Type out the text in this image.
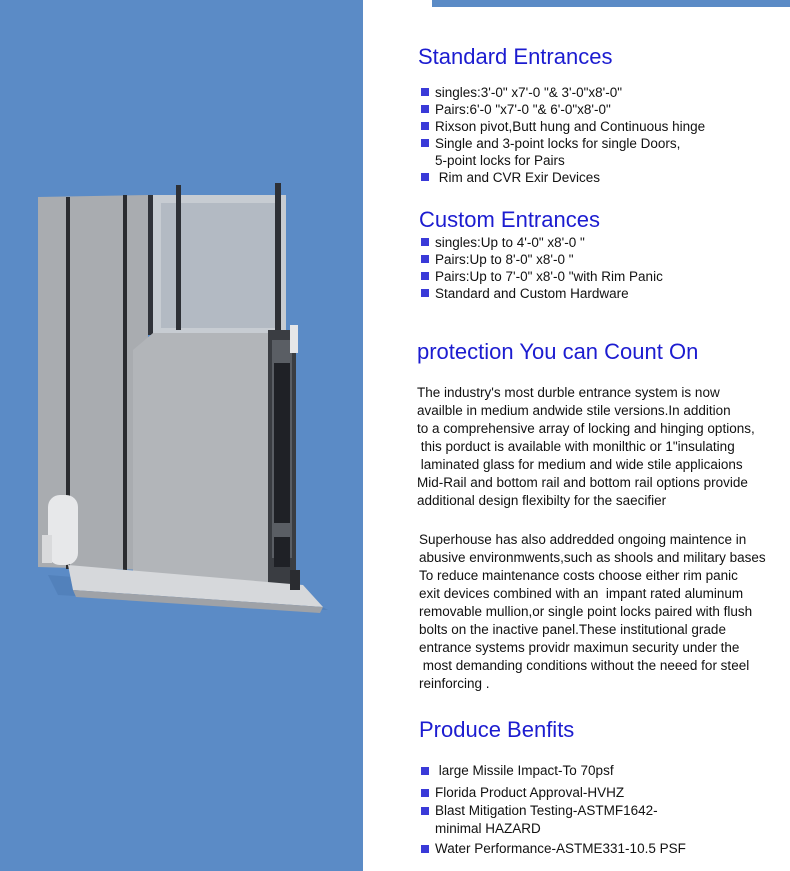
Standard Entrances
singles:3'-0" x7'-0 "& 3'-0"x8'-0"
Pairs:6'-0 "x7'-0 "& 6'-0"x8'-0"
Rixson pivot,Butt hung and Continuous hinge
Single and 3-point locks for single Doors,
5-point locks for Pairs
Rim and CVR Exir Devices
Custom Entrances
singles:Up to 4'-0" x8'-0 "
Pairs:Up to 8'-0" x8'-0 "
Pairs:Up to 7'-0" x8'-0 "with Rim Panic
Standard and Custom Hardware
protection You can Count On

The industry's most durble entrance system is now
availble in medium andwide stile versions.In addition
to a comprehensive array of locking and hinging options,
this porduct is available with monilthic or 1"insulating
laminated glass for medium and wide stile applicaions
Mid-Rail and bottom rail and bottom rail options provide
additional design flexibilty for the saecifier

Superhouse has also addredded ongoing maintence in
abusive environmwents,such as shools and military bases
To reduce maintenance costs choose either rim panic
exit devices combined with an  impant rated aluminum
removable mullion,or single point locks paired with flush
bolts on the inactive panel.These institutional grade
entrance systems providr maximun security under the
most demanding conditions without the neeed for steel
reinforcing .

Produce Benfits
large Missile Impact-To 70psf
Florida Product Approval-HVHZ
Blast Mitigation Testing-ASTMF1642-
minimal HAZARD
Water Performance-ASTME331-10.5 PSF
